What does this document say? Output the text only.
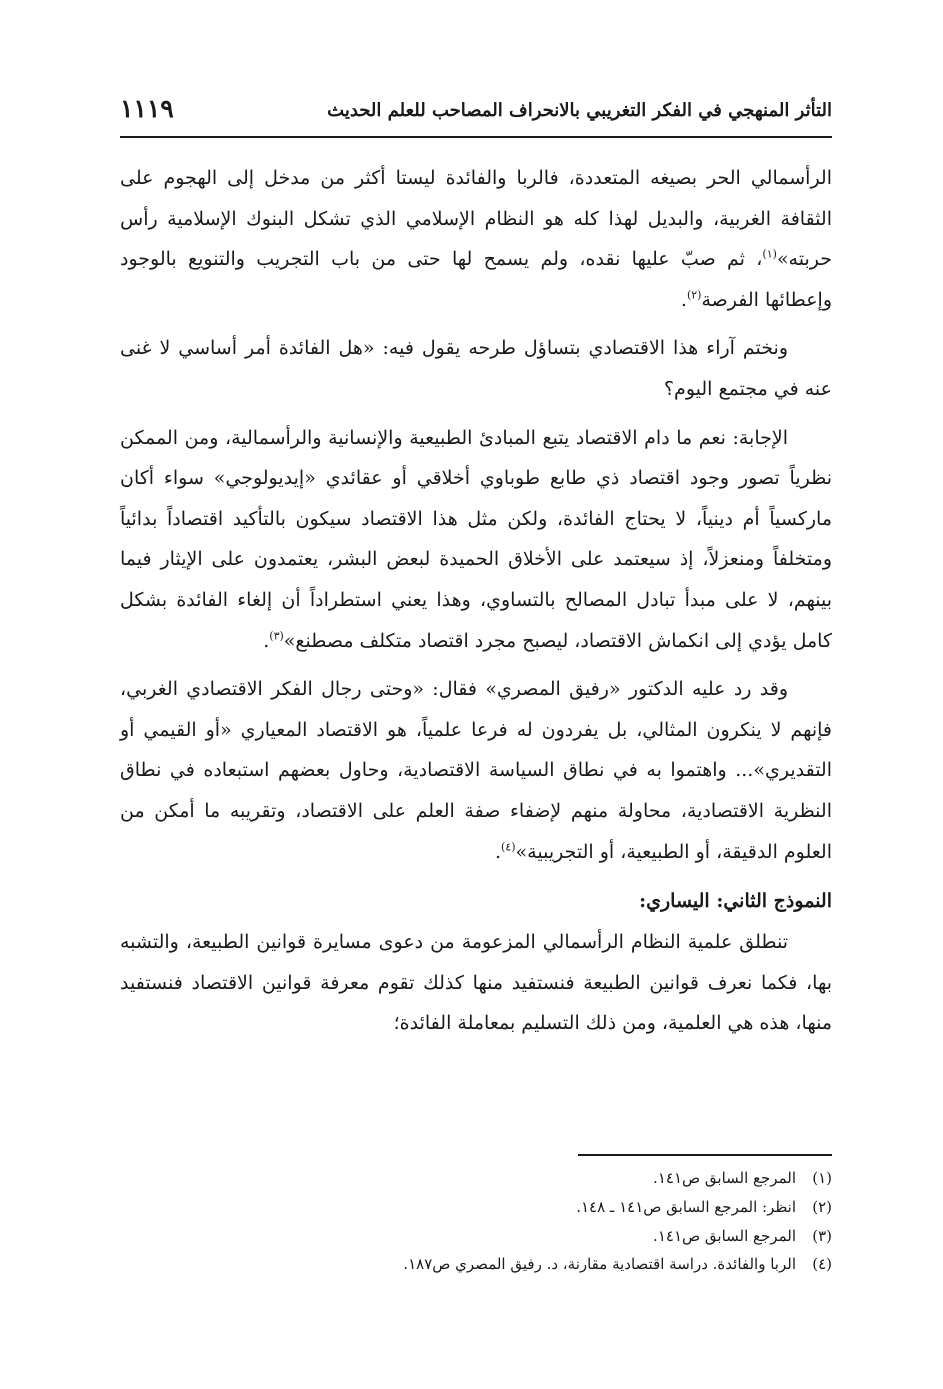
التأثر المنهجي في الفكر التغريبي بالانحراف المصاحب للعلم الحديث
١١١٩

الرأسمالي الحر بصيغه المتعددة، فالربا والفائدة ليستا أكثر من مدخل إلى الهجوم على الثقافة الغربية، والبديل لهذا كله هو النظام الإسلامي الذي تشكل البنوك الإسلامية رأس حربته»$^{(١)}$، ثم صبّ عليها نقده، ولم يسمح لها حتى من باب التجريب والتنويع بالوجود وإعطائها الفرصة$^{(٢)}$.

ونختم آراء هذا الاقتصادي بتساؤل طرحه يقول فيه: «هل الفائدة أمر أساسي لا غنى عنه في مجتمع اليوم؟

الإجابة: نعم ما دام الاقتصاد يتبع المبادئ الطبيعية والإنسانية والرأسمالية، ومن الممكن نظرياً تصور وجود اقتصاد ذي طابع طوباوي أخلاقي أو عقائدي «إيديولوجي» سواء أكان ماركسياً أم دينياً، لا يحتاج الفائدة، ولكن مثل هذا الاقتصاد سيكون بالتأكيد اقتصاداً بدائياً ومتخلفاً ومنعزلاً، إذ سيعتمد على الأخلاق الحميدة لبعض البشر، يعتمدون على الإيثار فيما بينهم، لا على مبدأ تبادل المصالح بالتساوي، وهذا يعني استطراداً أن إلغاء الفائدة بشكل كامل يؤدي إلى انكماش الاقتصاد، ليصبح مجرد اقتصاد متكلف مصطنع»$^{(٣)}$.

وقد رد عليه الدكتور «رفيق المصري» فقال: «وحتى رجال الفكر الاقتصادي الغربي، فإنهم لا ينكرون المثالي، بل يفردون له فرعا علمياً، هو الاقتصاد المعياري «أو القيمي أو التقديري»... واهتموا به في نطاق السياسة الاقتصادية، وحاول بعضهم استبعاده في نطاق النظرية الاقتصادية، محاولة منهم لإضفاء صفة العلم على الاقتصاد، وتقريبه ما أمكن من العلوم الدقيقة، أو الطبيعية، أو التجريبية»$^{(٤)}$.

النموذج الثاني: اليساري:

تنطلق علمية النظام الرأسمالي المزعومة من دعوى مسايرة قوانين الطبيعة، والتشبه بها، فكما نعرف قوانين الطبيعة فنستفيد منها كذلك تقوم معرفة قوانين الاقتصاد فنستفيد منها، هذه هي العلمية، ومن ذلك التسليم بمعاملة الفائدة؛

(١)المرجع السابق ص١٤١.
(٢)انظر: المرجع السابق ص١٤١ ـ ١٤٨.
(٣)المرجع السابق ص١٤١.
(٤)الربا والفائدة. دراسة اقتصادية مقارنة، د. رفيق المصري ص١٨٧.
